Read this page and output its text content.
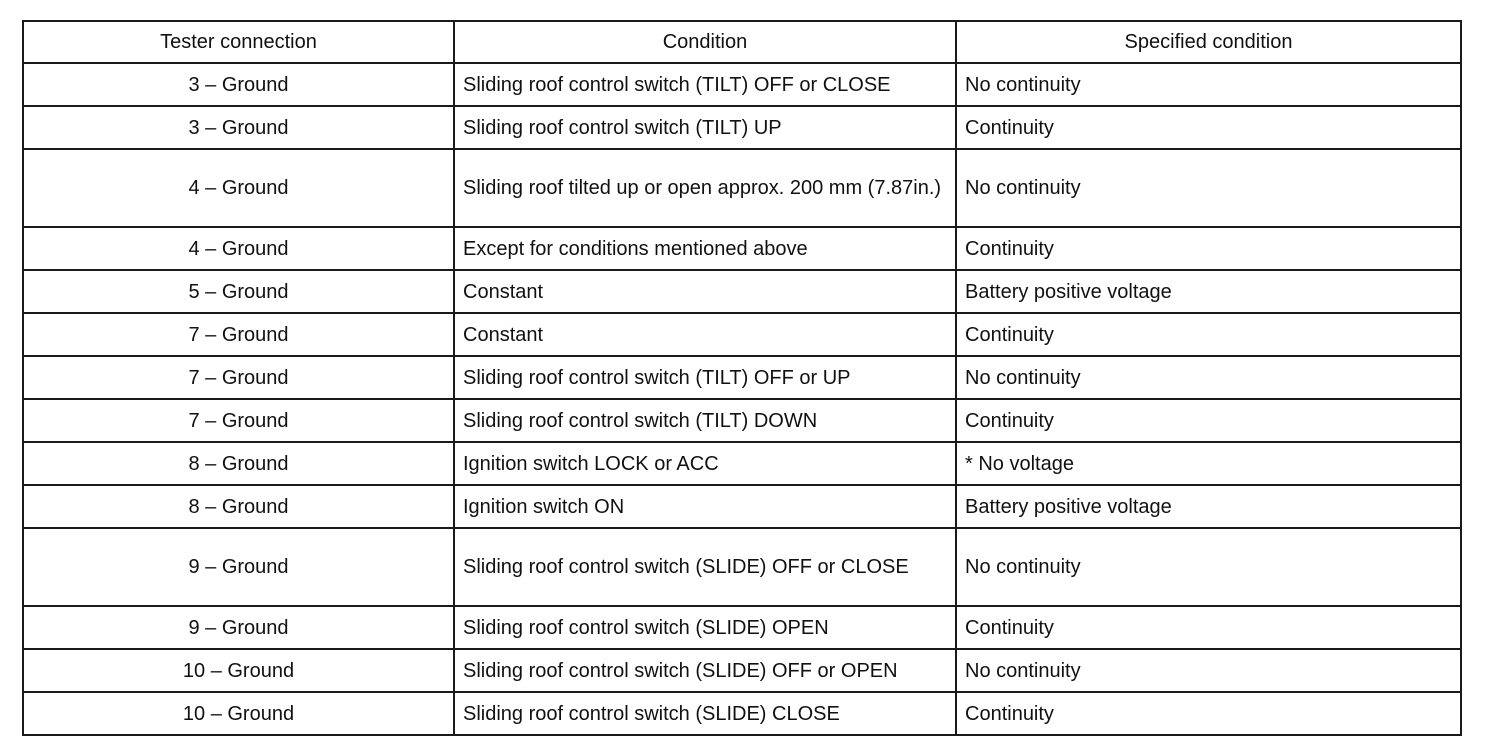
Tester connection	Condition	Specified condition
3 – Ground	Sliding roof control switch (TILT) OFF or CLOSE	No continuity
3 – Ground	Sliding roof control switch (TILT) UP	Continuity
4 – Ground	Sliding roof tilted up or open approx. 200 mm (7.87in.)	No continuity
4 – Ground	Except for conditions mentioned above	Continuity
5 – Ground	Constant	Battery positive voltage
7 – Ground	Constant	Continuity
7 – Ground	Sliding roof control switch (TILT) OFF or UP	No continuity
7 – Ground	Sliding roof control switch (TILT) DOWN	Continuity
8 – Ground	Ignition switch LOCK or ACC	* No voltage
8 – Ground	Ignition switch ON	Battery positive voltage
9 – Ground	Sliding roof control switch (SLIDE) OFF or CLOSE	No continuity
9 – Ground	Sliding roof control switch (SLIDE) OPEN	Continuity
10 – Ground	Sliding roof control switch (SLIDE) OFF or OPEN	No continuity
10 – Ground	Sliding roof control switch (SLIDE) CLOSE	Continuity
